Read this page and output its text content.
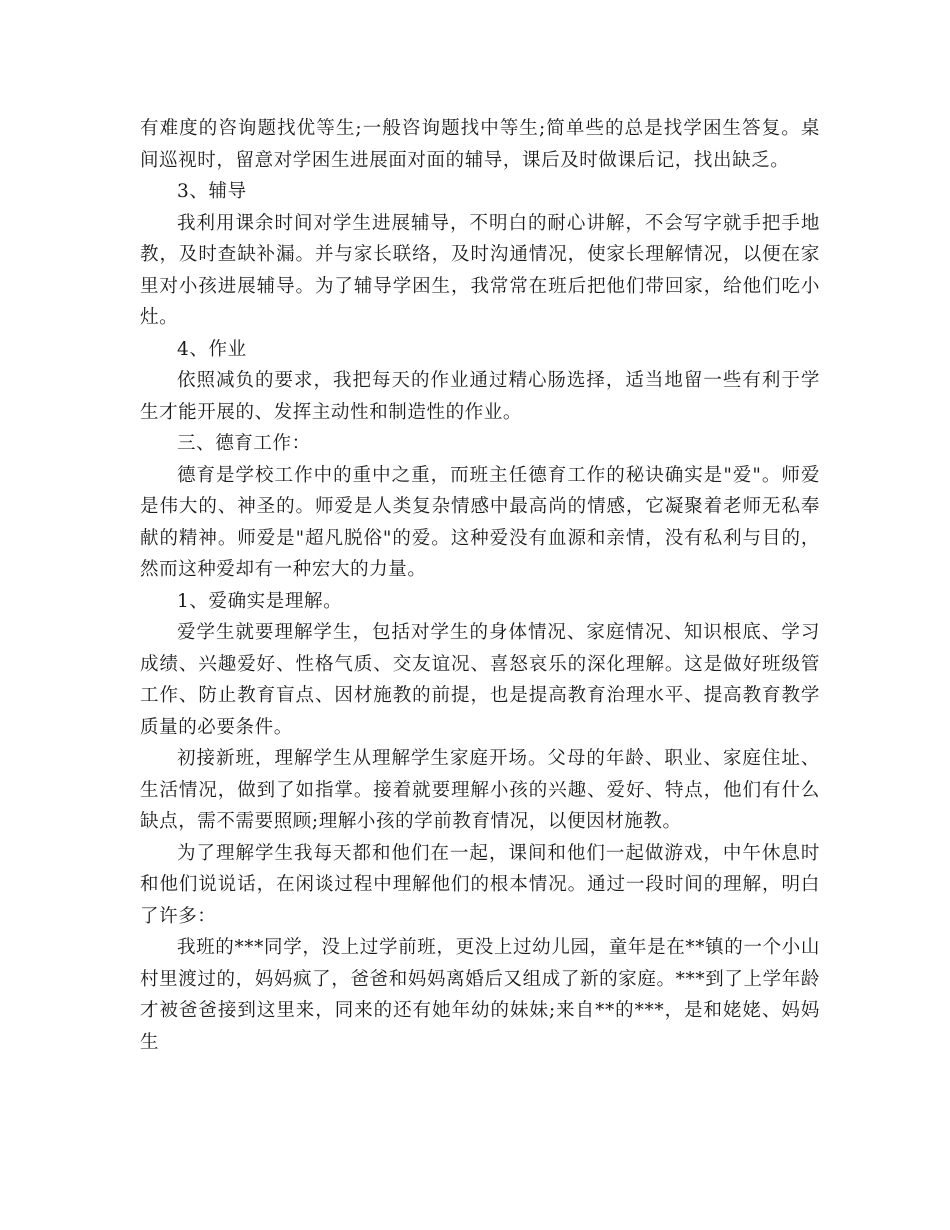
有难度的咨询题找优等生;一般咨询题找中等生;简单些的总是找学困生答复。桌间巡视时，留意对学困生进展面对面的辅导，课后及时做课后记，找出缺乏。

3、辅导

我利用课余时间对学生进展辅导，不明白的耐心讲解，不会写字就手把手地教，及时查缺补漏。并与家长联络，及时沟通情况，使家长理解情况，以便在家里对小孩进展辅导。为了辅导学困生，我常常在班后把他们带回家，给他们吃小灶。

4、作业

依照减负的要求，我把每天的作业通过精心肠选择，适当地留一些有利于学生才能开展的、发挥主动性和制造性的作业。

三、德育工作：

德育是学校工作中的重中之重，而班主任德育工作的秘诀确实是"爱"。师爱是伟大的、神圣的。师爱是人类复杂情感中最高尚的情感，它凝聚着老师无私奉献的精神。师爱是"超凡脱俗"的爱。这种爱没有血源和亲情，没有私利与目的，然而这种爱却有一种宏大的力量。

1、爱确实是理解。

爱学生就要理解学生，包括对学生的身体情况、家庭情况、知识根底、学习成绩、兴趣爱好、性格气质、交友谊况、喜怒哀乐的深化理解。这是做好班级管工作、防止教育盲点、因材施教的前提，也是提高教育治理水平、提高教育教学质量的必要条件。

初接新班，理解学生从理解学生家庭开场。父母的年龄、职业、家庭住址、生活情况，做到了如指掌。接着就要理解小孩的兴趣、爱好、特点，他们有什么缺点，需不需要照顾;理解小孩的学前教育情况，以便因材施教。

为了理解学生我每天都和他们在一起，课间和他们一起做游戏，中午休息时和他们说说话，在闲谈过程中理解他们的根本情况。通过一段时间的理解，明白了许多：

我班的***同学，没上过学前班，更没上过幼儿园，童年是在**镇的一个小山村里渡过的，妈妈疯了，爸爸和妈妈离婚后又组成了新的家庭。***到了上学年龄才被爸爸接到这里来，同来的还有她年幼的妹妹;来自**的***，是和姥姥、妈妈生
